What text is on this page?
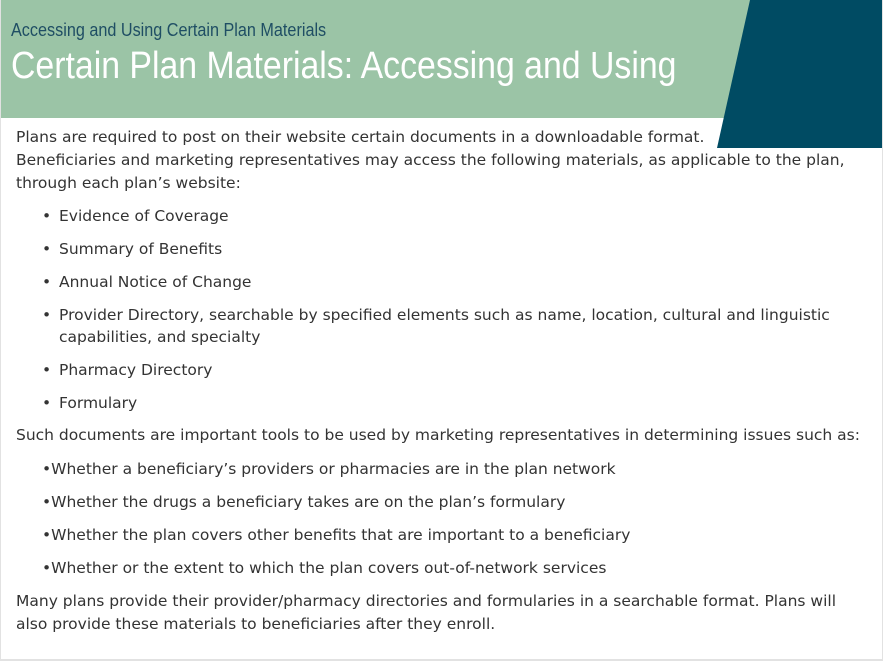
Accessing and Using Certain Plan Materials
Certain Plan Materials: Accessing and Using

Plans are required to post on their website certain documents in a downloadable format.

Beneficiaries and marketing representatives may access the following materials, as applicable to the plan, through each plan’s website:

• Evidence of Coverage
• Summary of Benefits
• Annual Notice of Change
• Provider Directory, searchable by specified elements such as name, location, cultural and linguistic capabilities, and specialty
• Pharmacy Directory
• Formulary

Such documents are important tools to be used by marketing representatives in determining issues such as:

•Whether a beneficiary’s providers or pharmacies are in the plan network
•Whether the drugs a beneficiary takes are on the plan’s formulary
•Whether the plan covers other benefits that are important to a beneficiary
•Whether or the extent to which the plan covers out-of-network services

Many plans provide their provider/pharmacy directories and formularies in a searchable format. Plans will also provide these materials to beneficiaries after they enroll.
